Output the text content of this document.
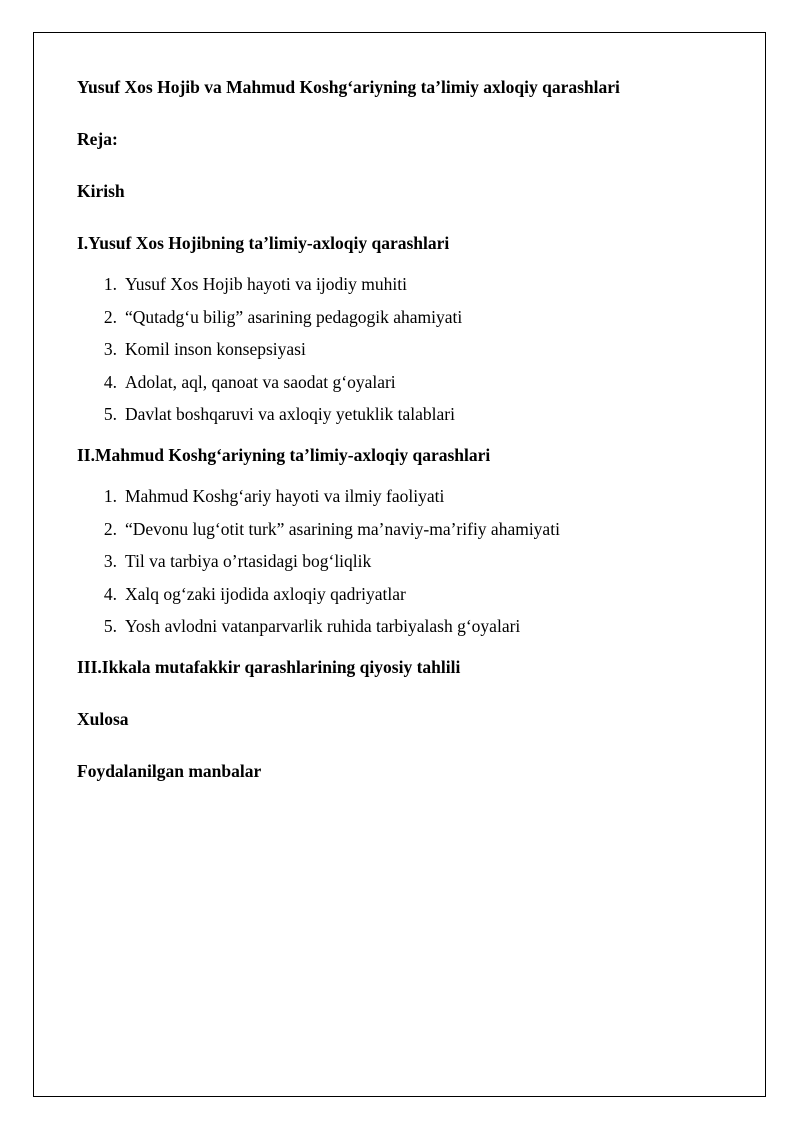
Yusuf Xos Hojib va Mahmud Koshg‘ariyning ta’limiy axloqiy qarashlari

Reja:

Kirish

I.Yusuf Xos Hojibning ta’limiy-axloqiy qarashlari

1. Yusuf Xos Hojib hayoti va ijodiy muhiti
2. “Qutadg‘u bilig” asarining pedagogik ahamiyati
3. Komil inson konsepsiyasi
4. Adolat, aql, qanoat va saodat g‘oyalari
5. Davlat boshqaruvi va axloqiy yetuklik talablari

II.Mahmud Koshg‘ariyning ta’limiy-axloqiy qarashlari

1. Mahmud Koshg‘ariy hayoti va ilmiy faoliyati
2. “Devonu lug‘otit turk” asarining ma’naviy-ma’rifiy ahamiyati
3. Til va tarbiya o’rtasidagi bog‘liqlik
4. Xalq og‘zaki ijodida axloqiy qadriyatlar
5. Yosh avlodni vatanparvarlik ruhida tarbiyalash g‘oyalari

III.Ikkala mutafakkir qarashlarining qiyosiy tahlili

Xulosa

Foydalanilgan manbalar
